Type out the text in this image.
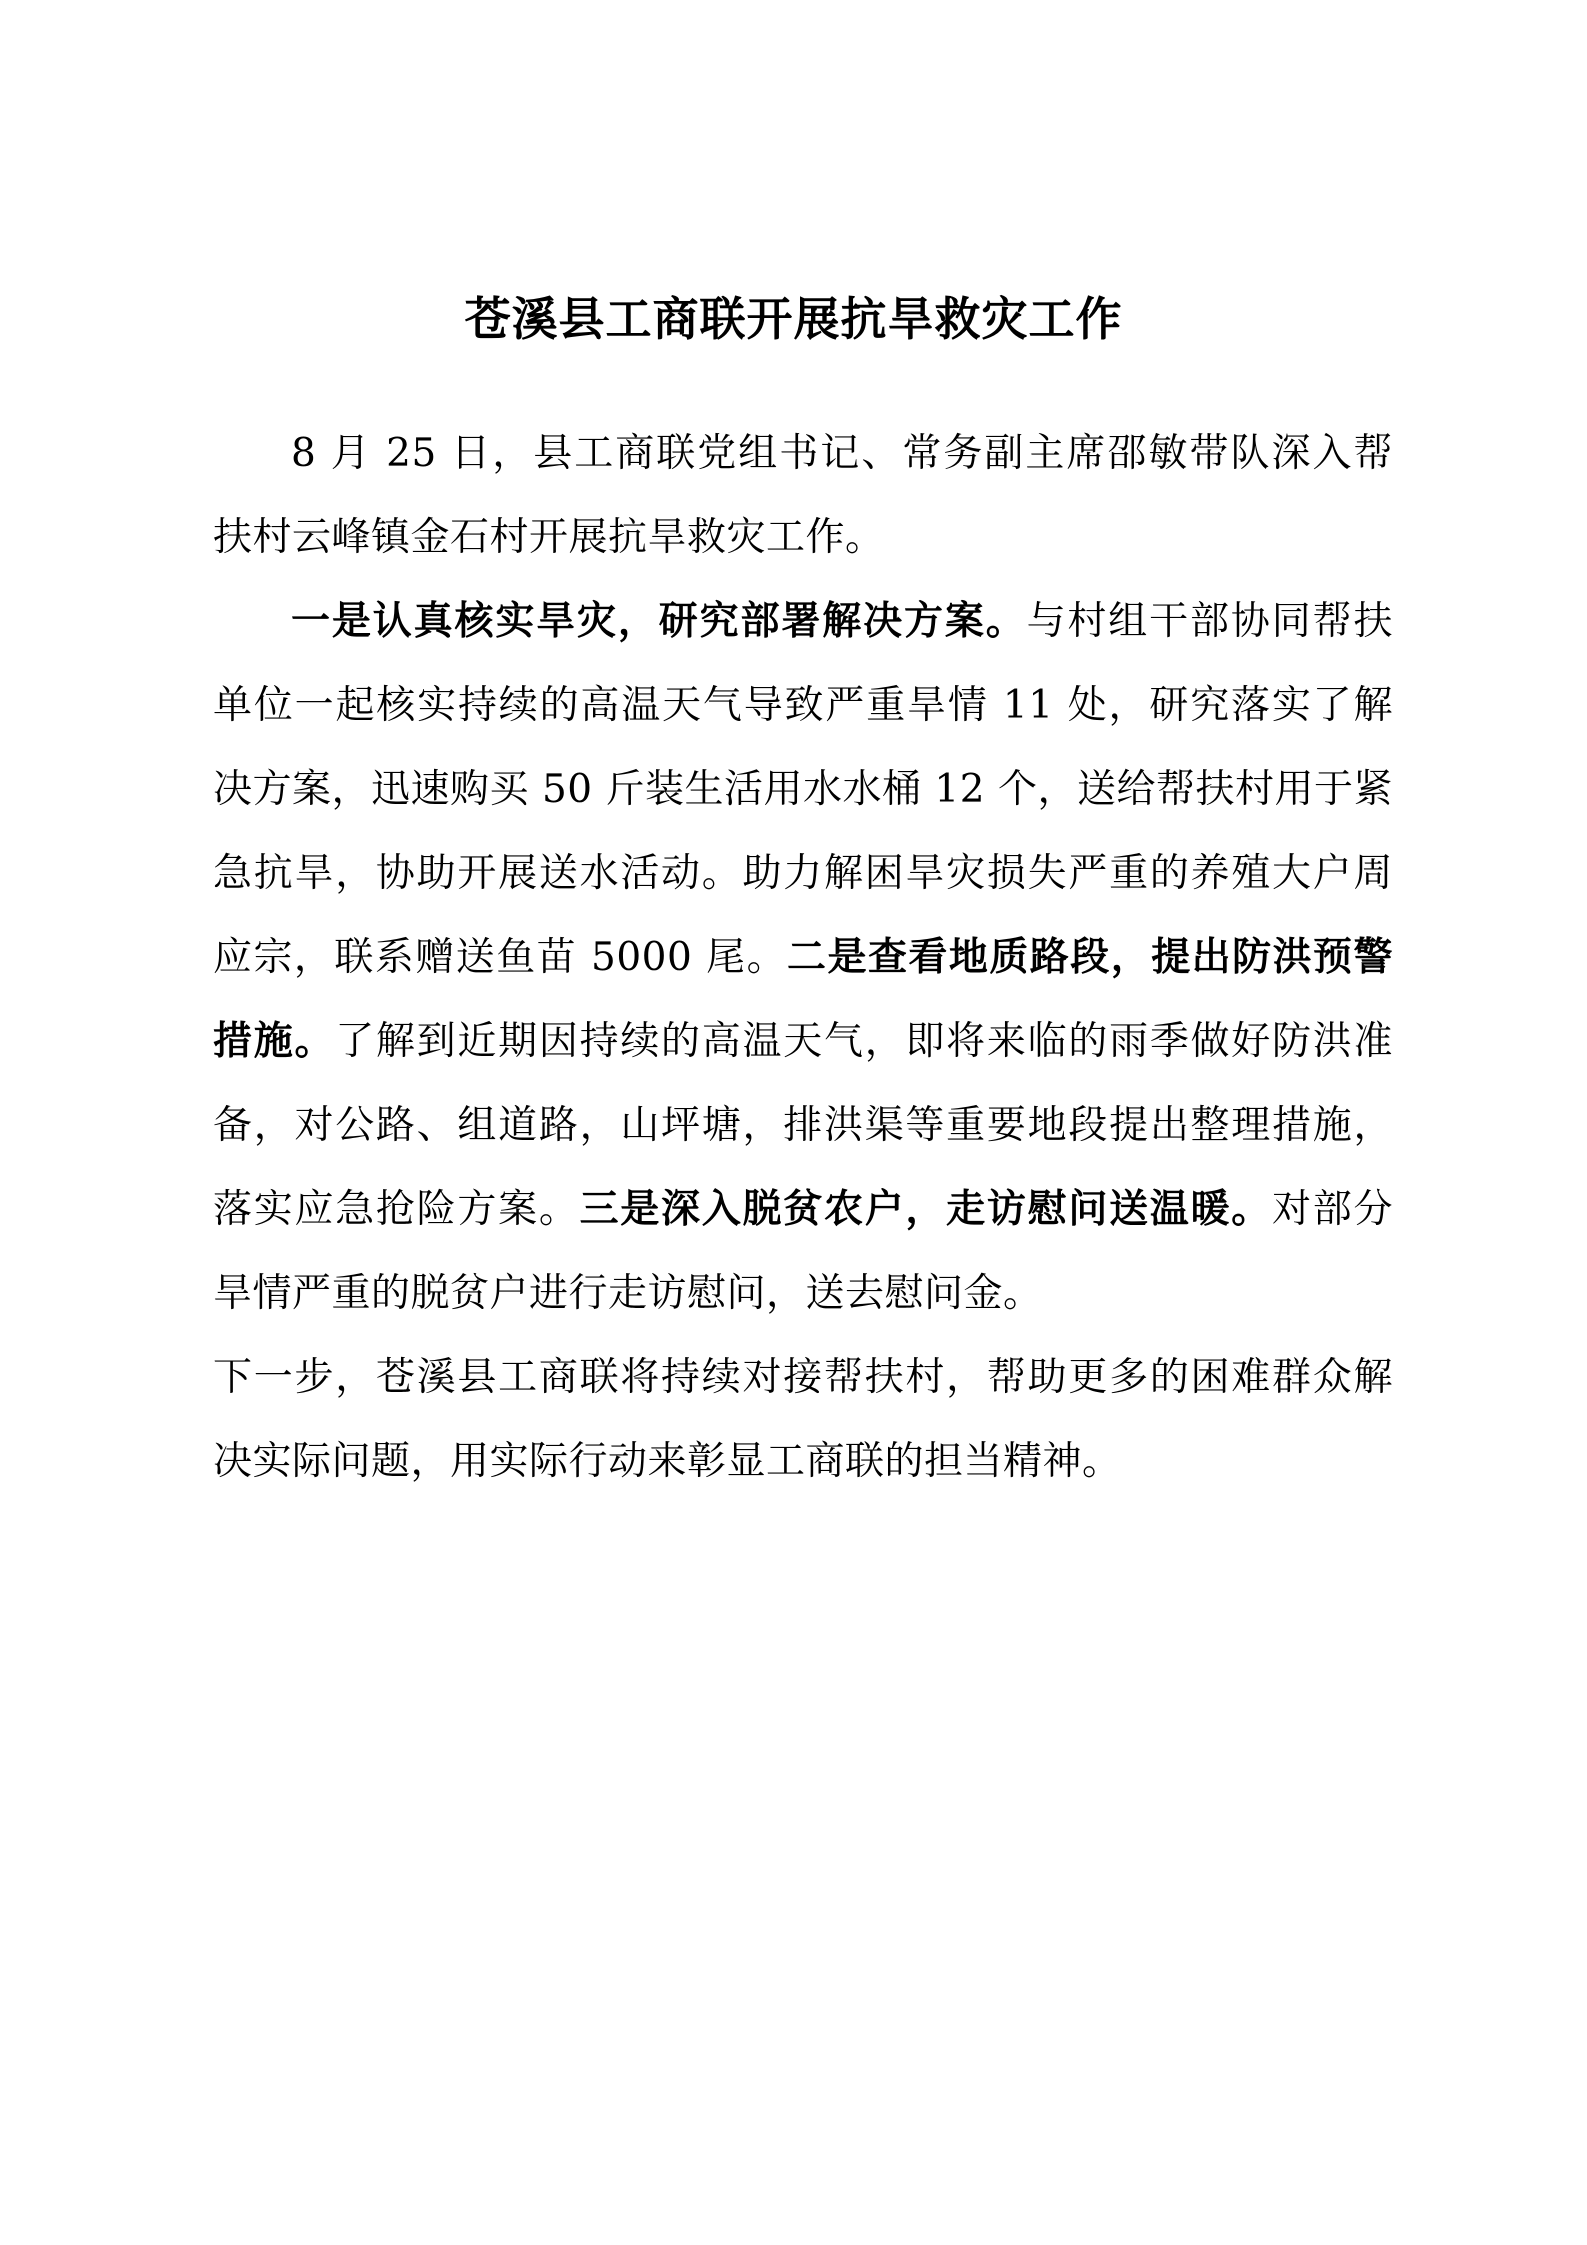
苍溪县工商联开展抗旱救灾工作

8 月 25 日，县工商联党组书记、常务副主席邵敏带队深入帮扶村云峰镇金石村开展抗旱救灾工作。

一是认真核实旱灾，研究部署解决方案。与村组干部协同帮扶单位一起核实持续的高温天气导致严重旱情 11 处，研究落实了解决方案，迅速购买 50 斤装生活用水水桶 12 个，送给帮扶村用于紧急抗旱，协助开展送水活动。助力解困旱灾损失严重的养殖大户周应宗，联系赠送鱼苗 5000 尾。二是查看地质路段，提出防洪预警措施。了解到近期因持续的高温天气，即将来临的雨季做好防洪准备，对公路、组道路，山坪塘，排洪渠等重要地段提出整理措施，落实应急抢险方案。三是深入脱贫农户，走访慰问送温暖。对部分旱情严重的脱贫户进行走访慰问，送去慰问金。

下一步，苍溪县工商联将持续对接帮扶村，帮助更多的困难群众解决实际问题，用实际行动来彰显工商联的担当精神。
